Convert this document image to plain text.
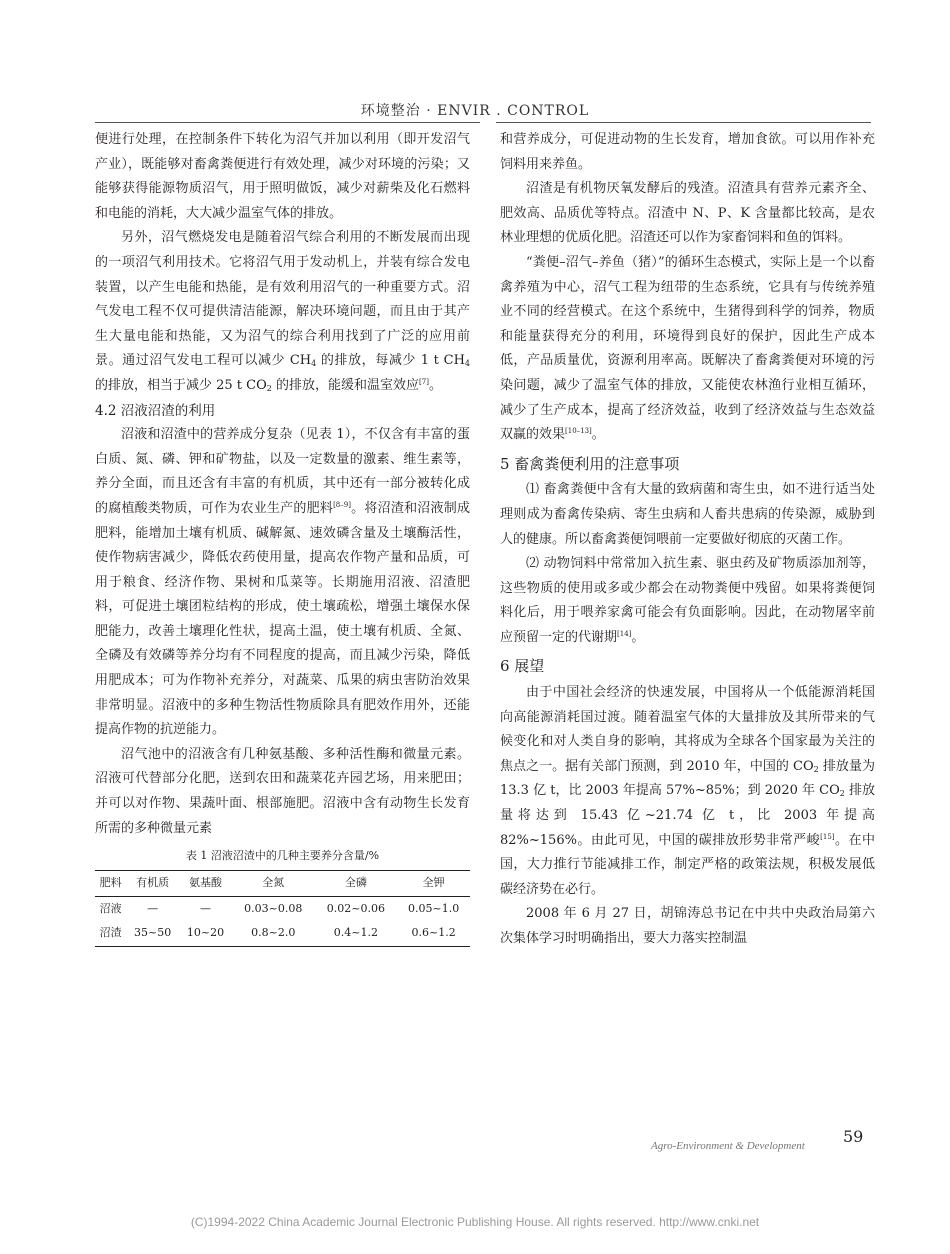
环境整治 · ENVIR . CONTROL

便进行处理，在控制条件下转化为沼气并加以利用（即开发沼气产业），既能够对畜禽粪便进行有效处理，减少对环境的污染；又能够获得能源物质沼气，用于照明做饭，减少对薪柴及化石燃料和电能的消耗，大大减少温室气体的排放。

另外，沼气燃烧发电是随着沼气综合利用的不断发展而出现的一项沼气利用技术。它将沼气用于发动机上，并装有综合发电装置，以产生电能和热能，是有效利用沼气的一种重要方式。沼气发电工程不仅可提供清洁能源，解决环境问题，而且由于其产生大量电能和热能，又为沼气的综合利用找到了广泛的应用前景。通过沼气发电工程可以减少 $CH_4$ 的排放，每减少 1 t $CH_4$ 的排放，相当于减少 25 t $CO_2$ 的排放，能缓和温室效应[7]。

4.2 沼液沼渣的利用

沼液和沼渣中的营养成分复杂（见表 1），不仅含有丰富的蛋白质、氮、磷、钾和矿物盐，以及一定数量的激素、维生素等，养分全面，而且还含有丰富的有机质，其中还有一部分被转化成的腐植酸类物质，可作为农业生产的肥料[8–9]。将沼渣和沼液制成肥料，能增加土壤有机质、碱解氮、速效磷含量及土壤酶活性，使作物病害减少，降低农药使用量，提高农作物产量和品质，可用于粮食、经济作物、果树和瓜菜等。长期施用沼液、沼渣肥料，可促进土壤团粒结构的形成，使土壤疏松，增强土壤保水保肥能力，改善土壤理化性状，提高土温，使土壤有机质、全氮、全磷及有效磷等养分均有不同程度的提高，而且减少污染，降低用肥成本；可为作物补充养分，对蔬菜、瓜果的病虫害防治效果非常明显。沼液中的多种生物活性物质除具有肥效作用外，还能提高作物的抗逆能力。

沼气池中的沼液含有几种氨基酸、多种活性酶和微量元素。沼液可代替部分化肥，送到农田和蔬菜花卉园艺场，用来肥田；并可以对作物、果蔬叶面、根部施肥。沼液中含有动物生长发育所需的多种微量元素

表 1 沼液沼渣中的几种主要养分含量/%
肥料	有机质	氨基酸	全氮	全磷	全钾
沼液	—	—	0.03~0.08	0.02~0.06	0.05~1.0
沼渣	35~50	10~20	0.8~2.0	0.4~1.2	0.6~1.2

和营养成分，可促进动物的生长发育，增加食欲。可以用作补充饲料用来养鱼。

沼渣是有机物厌氧发酵后的残渣。沼渣具有营养元素齐全、肥效高、品质优等特点。沼渣中 N、P、K 含量都比较高，是农林业理想的优质化肥。沼渣还可以作为家畜饲料和鱼的饵料。

“粪便–沼气–养鱼（猪）”的循环生态模式，实际上是一个以畜禽养殖为中心，沼气工程为纽带的生态系统，它具有与传统养殖业不同的经营模式。在这个系统中，生猪得到科学的饲养，物质和能量获得充分的利用，环境得到良好的保护，因此生产成本低，产品质量优，资源利用率高。既解决了畜禽粪便对环境的污染问题，减少了温室气体的排放，又能使农林渔行业相互循环，减少了生产成本，提高了经济效益，收到了经济效益与生态效益双赢的效果[10–13]。

5 畜禽粪便利用的注意事项

⑴ 畜禽粪便中含有大量的致病菌和寄生虫，如不进行适当处理则成为畜禽传染病、寄生虫病和人畜共患病的传染源，威胁到人的健康。所以畜禽粪便饲喂前一定要做好彻底的灭菌工作。

⑵ 动物饲料中常常加入抗生素、驱虫药及矿物质添加剂等，这些物质的使用或多或少都会在动物粪便中残留。如果将粪便饲料化后，用于喂养家禽可能会有负面影响。因此，在动物屠宰前应预留一定的代谢期[14]。

6 展望

由于中国社会经济的快速发展，中国将从一个低能源消耗国向高能源消耗国过渡。随着温室气体的大量排放及其所带来的气候变化和对人类自身的影响，其将成为全球各个国家最为关注的焦点之一。据有关部门预测，到 2010 年，中国的 $CO_2$ 排放量为 13.3 亿 t，比 2003 年提高 57%~85%；到 2020 年 $CO_2$ 排放量将达到 15.43 亿~21.74 亿 t，比 2003 年提高 82%~156%。由此可见，中国的碳排放形势非常严峻[15]。在中国，大力推行节能减排工作，制定严格的政策法规，积极发展低碳经济势在必行。

2008 年 6 月 27 日，胡锦涛总书记在中共中央政治局第六次集体学习时明确指出，要大力落实控制温

Agro-Environment & Development 59
(C)1994-2022 China Academic Journal Electronic Publishing House. All rights reserved. http://www.cnki.net
